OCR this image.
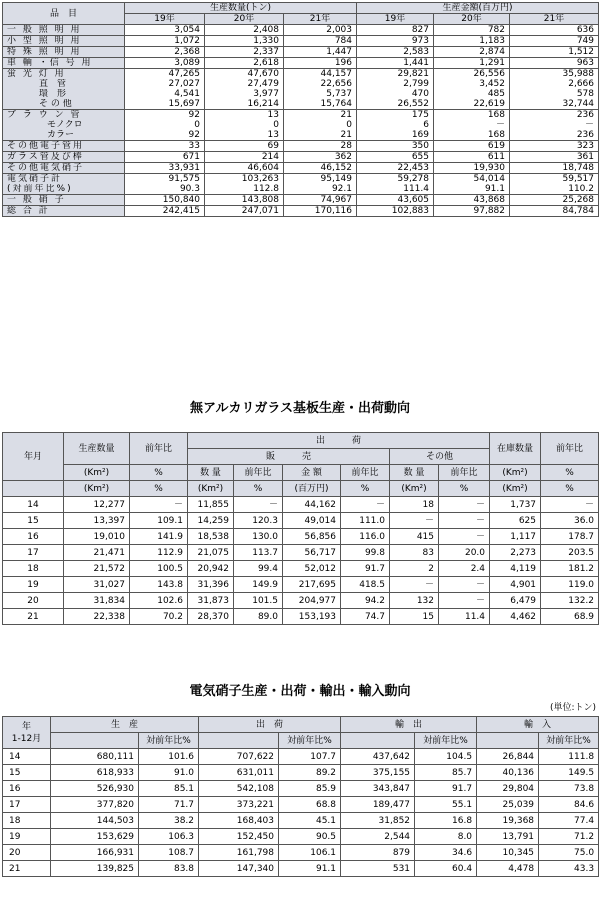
品　目	生産数量(トン)			生産金額(百万円)		
	19年	20年	21年	19年	20年	21年
一 般 照 明 用	3,054	2,408	2,003	827	782	636
小 型 照 明 用	1,072	1,330	784	973	1,183	749
特 殊 照 明 用	2,368	2,337	1,447	2,583	2,874	1,512
車 輌 ・信 号 用	3,089	2,618	196	1,441	1,291	963
蛍 光 灯 用	47,265	47,670	44,157	29,821	26,556	35,988
直　管	27,027	27,479	22,656	2,799	3,452	2,666
環　形	4,541	3,977	5,737	470	485	578
そ の 他	15,697	16,214	15,764	26,552	22,619	32,744
ブ ラ ウ ン 管	92	13	21	175	168	236
モノクロ	0	0	0	6	－	－
カラー	92	13	21	169	168	236
その他電子管用	33	69	28	350	619	323
ガラス管及び棒	671	214	362	655	611	361
その他電気硝子	33,931	46,604	46,152	22,453	19,930	18,748
電気硝子計	91,575	103,263	95,149	59,278	54,014	59,517
(対前年比%)	90.3	112.8	92.1	111.4	91.1	110.2
一 般 硝 子	150,840	143,808	74,967	43,605	43,868	25,268
総 合 計	242,415	247,071	170,116	102,883	97,882	84,784
無アルカリガラス基板生産・出荷動向
年月	生産数量	前年比	出　　　荷						在庫数量	前年比
			販　　　売				その他			
	(Km²)	%	数 量	前年比	金 額	前年比	数 量	前年比	(Km²)	%
	(Km²)	%	(Km²)	%	(百万円)	%	(Km²)	%	(Km²)	%
14	12,277	－	11,855	－	44,162	－	18	－	1,737	－
15	13,397	109.1	14,259	120.3	49,014	111.0	－	－	625	36.0
16	19,010	141.9	18,538	130.0	56,856	116.0	415	－	1,117	178.7
17	21,471	112.9	21,075	113.7	56,717	99.8	83	20.0	2,273	203.5
18	21,572	100.5	20,942	99.4	52,012	91.7	2	2.4	4,119	181.2
19	31,027	143.8	31,396	149.9	217,695	418.5	－	－	4,901	119.0
20	31,834	102.6	31,873	101.5	204,977	94.2	132	－	6,479	132.2
21	22,338	70.2	28,370	89.0	153,193	74.7	15	11.4	4,462	68.9
電気硝子生産・出荷・輸出・輸入動向
(単位:トン)
年
1-12月	生　産		出　荷		輸　出		輸　入	
		対前年比%		対前年比%		対前年比%		対前年比%
14	680,111	101.6	707,622	107.7	437,642	104.5	26,844	111.8
15	618,933	91.0	631,011	89.2	375,155	85.7	40,136	149.5
16	526,930	85.1	542,108	85.9	343,847	91.7	29,804	73.8
17	377,820	71.7	373,221	68.8	189,477	55.1	25,039	84.6
18	144,503	38.2	168,403	45.1	31,852	16.8	19,368	77.4
19	153,629	106.3	152,450	90.5	2,544	8.0	13,791	71.2
20	166,931	108.7	161,798	106.1	879	34.6	10,345	75.0
21	139,825	83.8	147,340	91.1	531	60.4	4,478	43.3
